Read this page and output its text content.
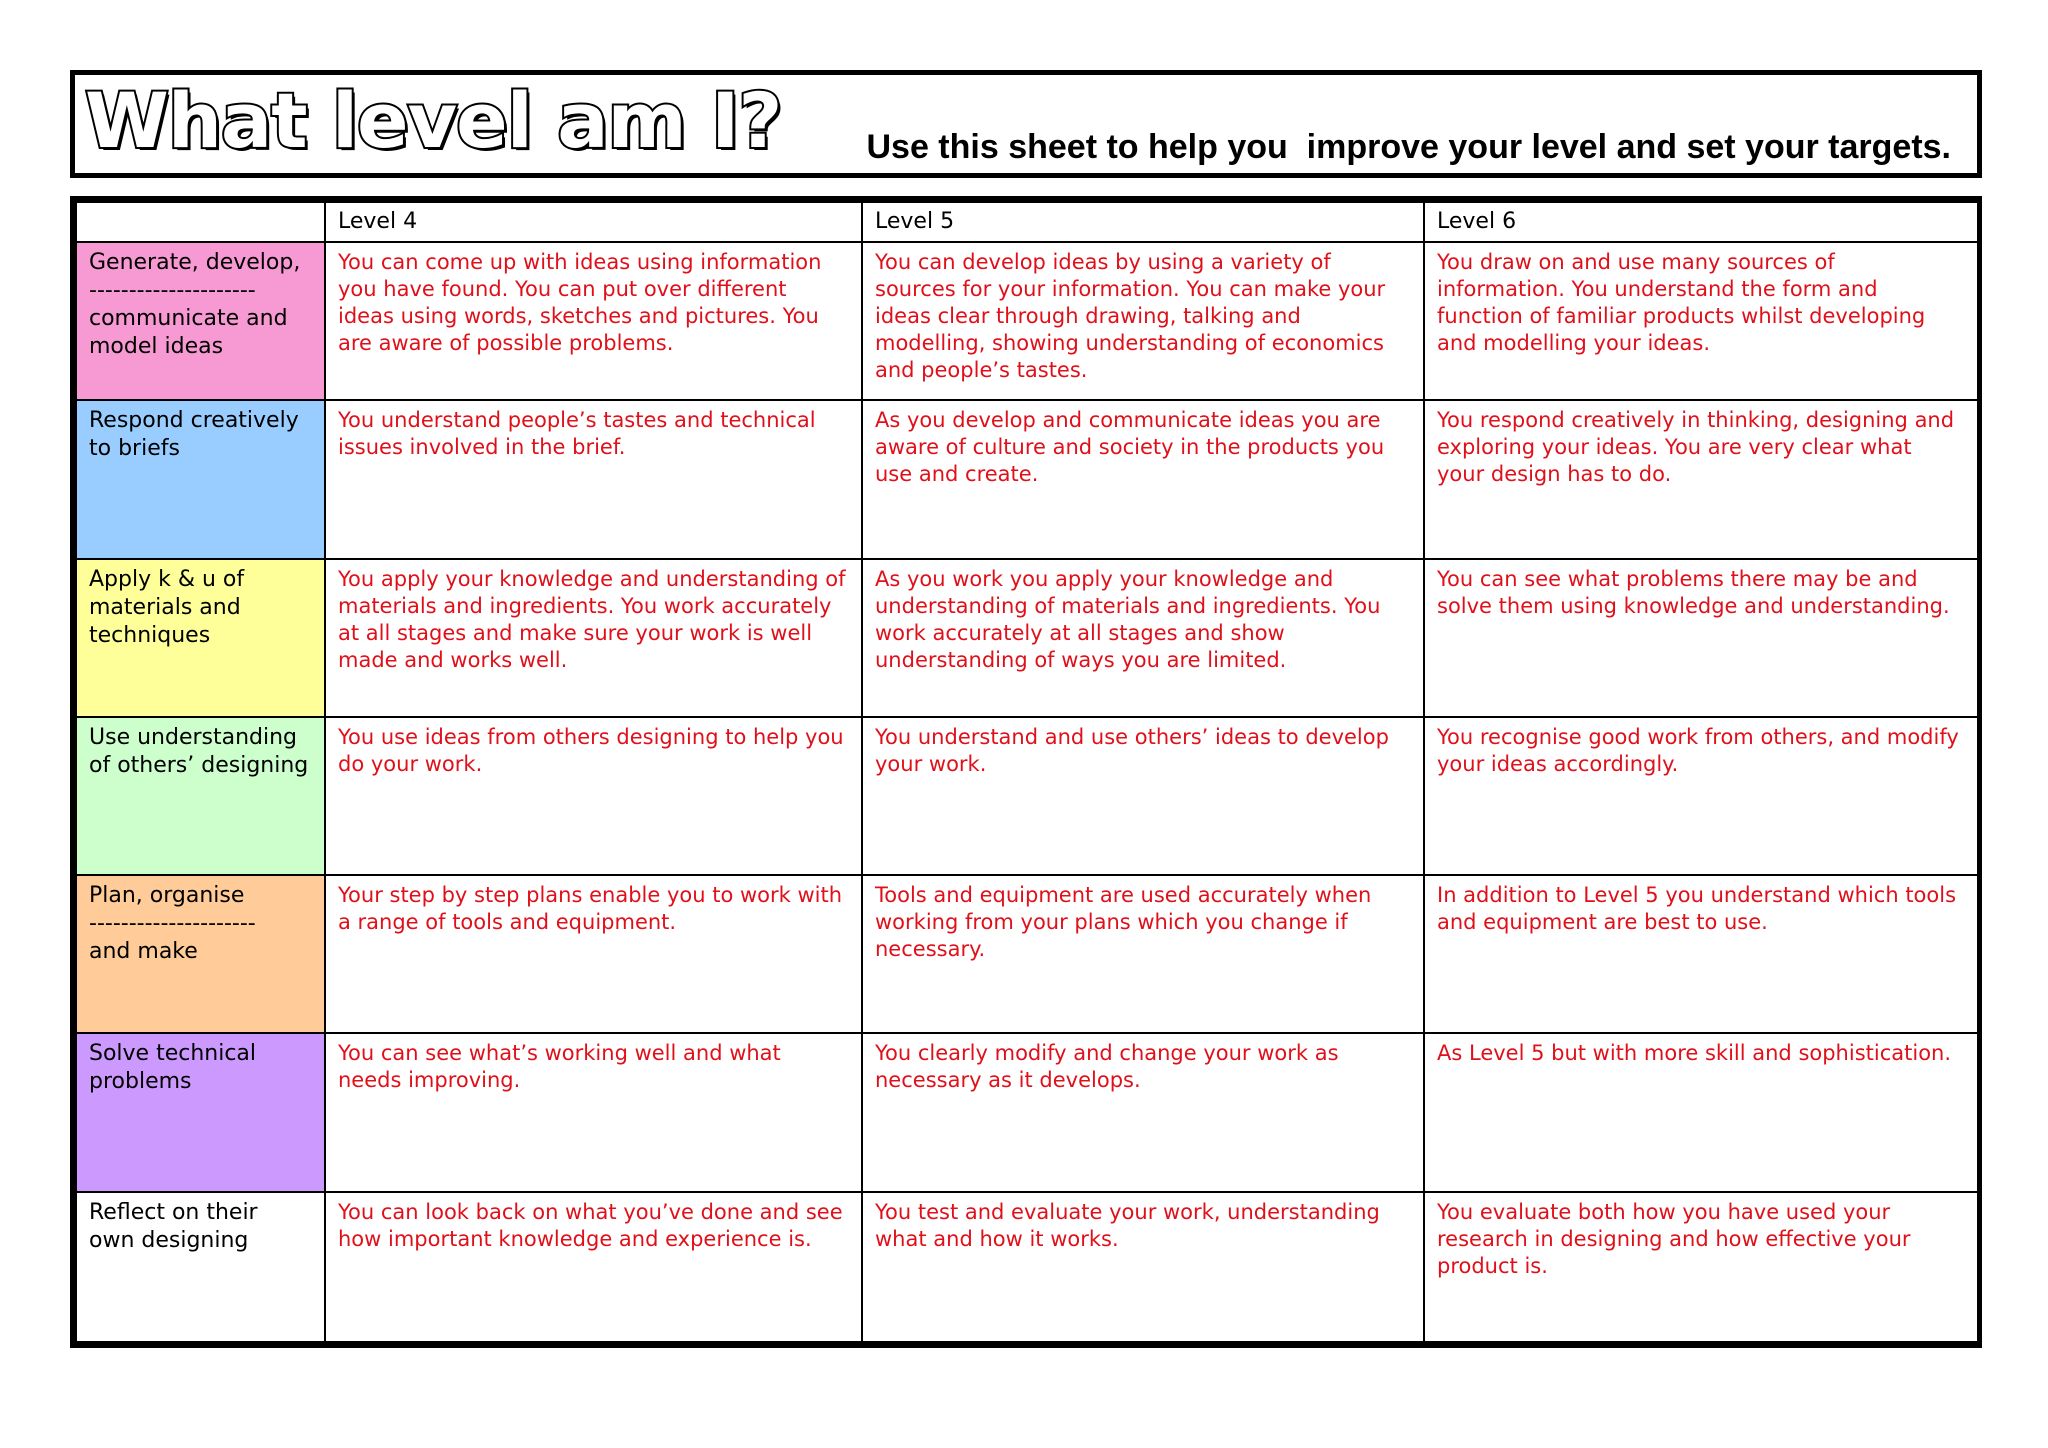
What level am I? Use this sheet to help you  improve your level and set your targets.
	Level 4	Level 5	Level 6

Generate, develop,
---------------------
communicate and
model ideas	You can come up with ideas using information you have found. You can put over different ideas using words, sketches and pictures. You are aware of possible problems.	You can develop ideas by using a variety of sources for your information. You can make your ideas clear through drawing, talking and modelling, showing understanding of economics and people’s tastes.	You draw on and use many sources of information. You understand the form and function of familiar products whilst developing and modelling your ideas.

Respond creatively
to briefs	You understand people’s tastes and technical issues involved in the brief.	As you develop and communicate ideas you are aware of culture and society in the products you use and create.	You respond creatively in thinking, designing and exploring your ideas. You are very clear what your design has to do.

Apply k & u of
materials and
techniques	You apply your knowledge and understanding of materials and ingredients. You work accurately at all stages and make sure your work is well made and works well.	As you work you apply your knowledge and understanding of materials and ingredients. You work accurately at all stages and show understanding of ways you are limited.	You can see what problems there may be and solve them using knowledge and understanding.

Use understanding
of others’ designing	You use ideas from others designing to help you do your work.	You understand and use others’ ideas to develop your work.	You recognise good work from others, and modify your ideas accordingly.

Plan, organise
---------------------
and make	Your step by step plans enable you to work with a range of tools and equipment.	Tools and equipment are used accurately when working from your plans which you change if necessary.	In addition to Level 5 you understand which tools and equipment are best to use.

Solve technical
problems	You can see what’s working well and what needs improving.	You clearly modify and change your work as necessary as it develops.	As Level 5 but with more skill and sophistication.

Reflect on their
own designing	You can look back on what you’ve done and see how important knowledge and experience is.	You test and evaluate your work, understanding what and how it works.	You evaluate both how you have used your research in designing and how effective your product is.
